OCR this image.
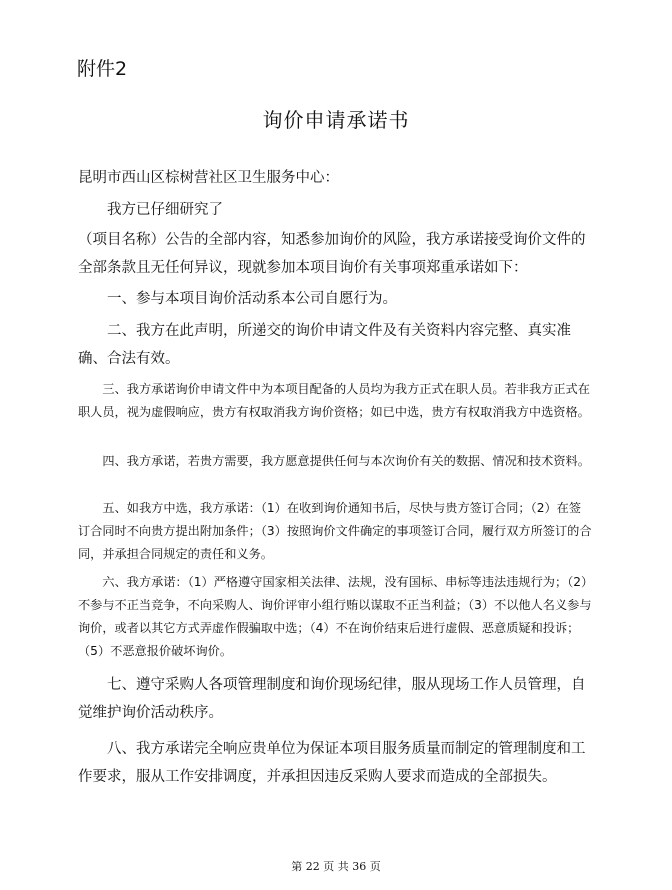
附件2
询价申请承诺书
昆明市西山区棕树营社区卫生服务中心：

我方已仔细研究了

（项目名称）公告的全部内容，知悉参加询价的风险，我方承诺接受询价文件的全部条款且无任何异议，现就参加本项目询价有关事项郑重承诺如下：

一、参与本项目询价活动系本公司自愿行为。

二、我方在此声明，所递交的询价申请文件及有关资料内容完整、真实准确、合法有效。

三、我方承诺询价申请文件中为本项目配备的人员均为我方正式在职人员。若非我方正式在职人员，视为虚假响应，贵方有权取消我方询价资格；如已中选，贵方有权取消我方中选资格。

四、我方承诺，若贵方需要，我方愿意提供任何与本次询价有关的数据、情况和技术资料。

五、如我方中选，我方承诺：（1）在收到询价通知书后，尽快与贵方签订合同；（2）在签订合同时不向贵方提出附加条件；（3）按照询价文件确定的事项签订合同，履行双方所签订的合同，并承担合同规定的责任和义务。

六、我方承诺：（1）严格遵守国家相关法律、法规，没有国标、串标等违法违规行为；（2）不参与不正当竞争，不向采购人、询价评审小组行贿以谋取不正当利益；（3）不以他人名义参与询价，或者以其它方式弄虚作假骗取中选；（4）不在询价结束后进行虚假、恶意质疑和投诉；（5）不恶意报价破坏询价。

七、遵守采购人各项管理制度和询价现场纪律，服从现场工作人员管理，自觉维护询价活动秩序。

八、我方承诺完全响应贵单位为保证本项目服务质量而制定的管理制度和工作要求，服从工作安排调度，并承担因违反采购人要求而造成的全部损失。

第 22 页 共 36 页
